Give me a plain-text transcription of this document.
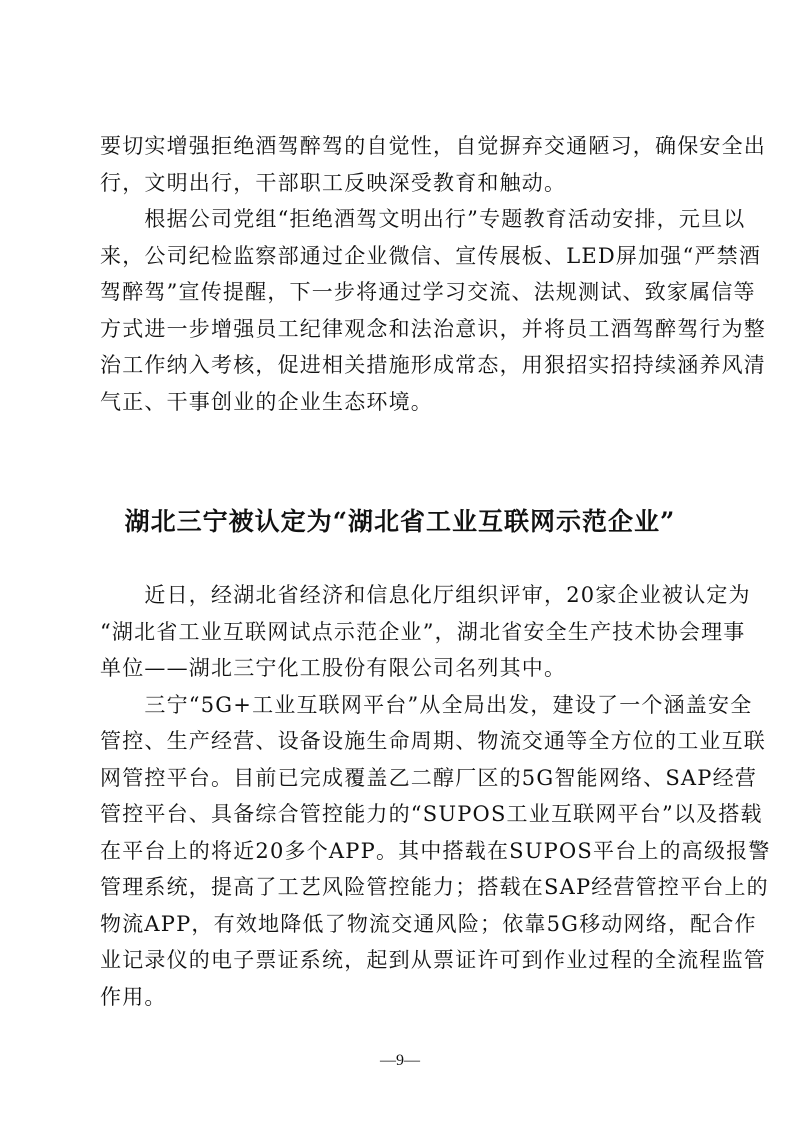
要切实增强拒绝酒驾醉驾的自觉性，自觉摒弃交通陋习，确保安全出
行，文明出行，干部职工反映深受教育和触动。
　　根据公司党组“拒绝酒驾文明出行”专题教育活动安排，元旦以
来，公司纪检监察部通过企业微信、宣传展板、LED屏加强“严禁酒
驾醉驾”宣传提醒，下一步将通过学习交流、法规测试、致家属信等
方式进一步增强员工纪律观念和法治意识，并将员工酒驾醉驾行为整
治工作纳入考核，促进相关措施形成常态，用狠招实招持续涵养风清
气正、干事创业的企业生态环境。
湖北三宁被认定为“湖北省工业互联网示范企业”
　　近日，经湖北省经济和信息化厅组织评审，20家企业被认定为
“湖北省工业互联网试点示范企业”，湖北省安全生产技术协会理事
单位——湖北三宁化工股份有限公司名列其中。
　　三宁“5G+工业互联网平台”从全局出发，建设了一个涵盖安全
管控、生产经营、设备设施生命周期、物流交通等全方位的工业互联
网管控平台。目前已完成覆盖乙二醇厂区的5G智能网络、SAP经营
管控平台、具备综合管控能力的“SUPOS工业互联网平台”以及搭载
在平台上的将近20多个APP。其中搭载在SUPOS平台上的高级报警
管理系统，提高了工艺风险管控能力；搭载在SAP经营管控平台上的
物流APP，有效地降低了物流交通风险；依靠5G移动网络，配合作
业记录仪的电子票证系统，起到从票证许可到作业过程的全流程监管
作用。
—9—
